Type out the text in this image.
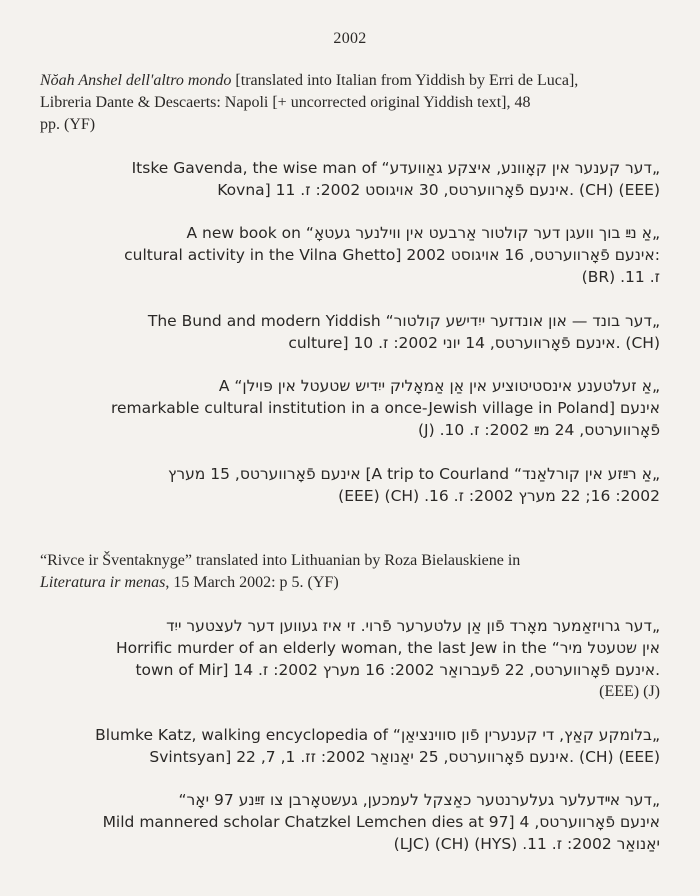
2002
Nŏah Anshel dell'altro mondo [translated into Italian from Yiddish by Erri de Luca],
Libreria Dante & Descaerts: Napoli [+ uncorrected original Yiddish text], 48
pp. (YF)
„דער קענער אין קאָוונע, איצקע גאַוועדע“ Itske Gavenda, the wise man of
Kovna] אינעם פֿאָרווערטס, 30 אויגוסט 2002: ז. 11. (CH) (EEE)
„אַ נײַ בוך וועגן דער קולטור אַרבעט אין ווילנער געטאָ“ A new book on
cultural activity in the Vilna Ghetto] אינעם פֿאָרווערטס, 16 אויגוסט 2002:
ז. 11. (BR)
„דער בונד — און אונדזער ייִדישע קולטור“ The Bund and modern Yiddish
culture] אינעם פֿאָרווערטס, 14 יוני 2002: ז. 10. (CH)
„אַ זעלטענע אינסטיטוציע אין אַן אַמאָליק ייִדיש שטעטל אין פּוילן“ A
remarkable cultural institution in a once-Jewish village in Poland] אינעם
פֿאָרווערטס, 24 מײַ 2002: ז. 10. (J)
„אַ רײַזע אין קורלאַנד“ A trip to Courland] אינעם פֿאָרווערטס, 15 מערץ
2002: 16; 22 מערץ 2002: ז. 16. (CH) (EEE)
“Rivce ir Šventaknyge” translated into Lithuanian by Roza Bielauskiene in
Literatura ir menas, 15 March 2002: p 5. (YF)
„דער גרויזאַמער מאָרד פֿון אַן עלטערער פֿרוי. זי איז געווען דער לעצטער ייִד
אין שטעטל מיר“ Horrific murder of an elderly woman, the last Jew in the
town of Mir] אינעם פֿאָרווערטס, 22 פֿעברואַר 2002: 16 מערץ 2002: ז. 14.
(EEE) (J)
„בלומקע קאַץ, די קענערין פֿון סווינציאַן“ Blumke Katz, walking encyclopedia of
Svintsyan] אינעם פֿאָרווערטס, 25 יאַנואַר 2002: זז. 1, 7, 22. (CH) (EEE)
„דער אײדעלער געלערנטער כאַצקל לעמכען, געשטאָרבן צו זײַנע 97 יאָר“
Mild mannered scholar Chatzkel Lemchen dies at 97] אינעם פֿאָרווערטס, 4
יאַנואַר 2002: ז. 11. (HYS) (CH) (LJC)
